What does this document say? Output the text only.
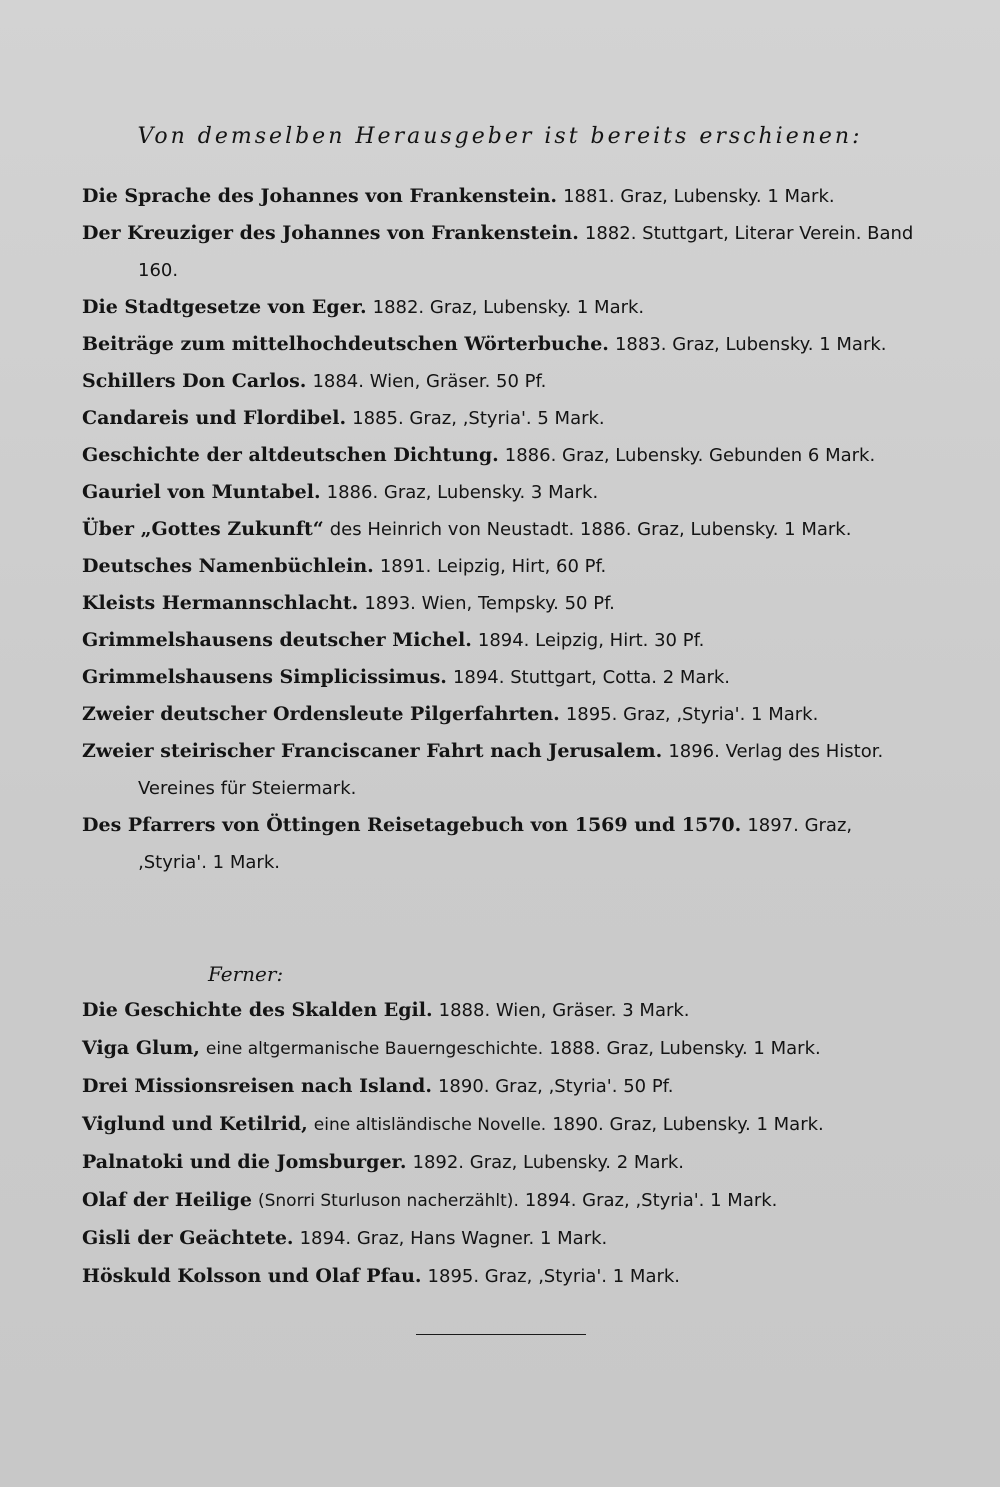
Von demselben Herausgeber ist bereits erschienen:
Die Sprache des Johannes von Frankenstein. 1881. Graz, Lubensky. 1 Mark.
Der Kreuziger des Johannes von Frankenstein. 1882. Stuttgart, Literar Verein. Band 160.
Die Stadtgesetze von Eger. 1882. Graz, Lubensky. 1 Mark.
Beiträge zum mittelhochdeutschen Wörterbuche. 1883. Graz, Lubensky. 1 Mark.
Schillers Don Carlos. 1884. Wien, Gräser. 50 Pf.
Candareis und Flordibel. 1885. Graz, ‚Styria'. 5 Mark.
Geschichte der altdeutschen Dichtung. 1886. Graz, Lubensky. Gebunden 6 Mark.
Gauriel von Muntabel. 1886. Graz, Lubensky. 3 Mark.
Über „Gottes Zukunft“ des Heinrich von Neustadt. 1886. Graz, Lubensky. 1 Mark.
Deutsches Namenbüchlein. 1891. Leipzig, Hirt, 60 Pf.
Kleists Hermannschlacht. 1893. Wien, Tempsky. 50 Pf.
Grimmelshausens deutscher Michel. 1894. Leipzig, Hirt. 30 Pf.
Grimmelshausens Simplicissimus. 1894. Stuttgart, Cotta. 2 Mark.
Zweier deutscher Ordensleute Pilgerfahrten. 1895. Graz, ‚Styria'. 1 Mark.
Zweier steirischer Franciscaner Fahrt nach Jerusalem. 1896. Verlag des Histor. Vereines für Steiermark.
Des Pfarrers von Öttingen Reisetagebuch von 1569 und 1570. 1897. Graz, ‚Styria'. 1 Mark.
Ferner:
Die Geschichte des Skalden Egil. 1888. Wien, Gräser. 3 Mark.
Viga Glum, eine altgermanische Bauerngeschichte. 1888. Graz, Lubensky. 1 Mark.
Drei Missionsreisen nach Island. 1890. Graz, ‚Styria'. 50 Pf.
Viglund und Ketilrid, eine altisländische Novelle. 1890. Graz, Lubensky. 1 Mark.
Palnatoki und die Jomsburger. 1892. Graz, Lubensky. 2 Mark.
Olaf der Heilige (Snorri Sturluson nacherzählt). 1894. Graz, ‚Styria'. 1 Mark.
Gisli der Geächtete. 1894. Graz, Hans Wagner. 1 Mark.
Höskuld Kolsson und Olaf Pfau. 1895. Graz, ‚Styria'. 1 Mark.
